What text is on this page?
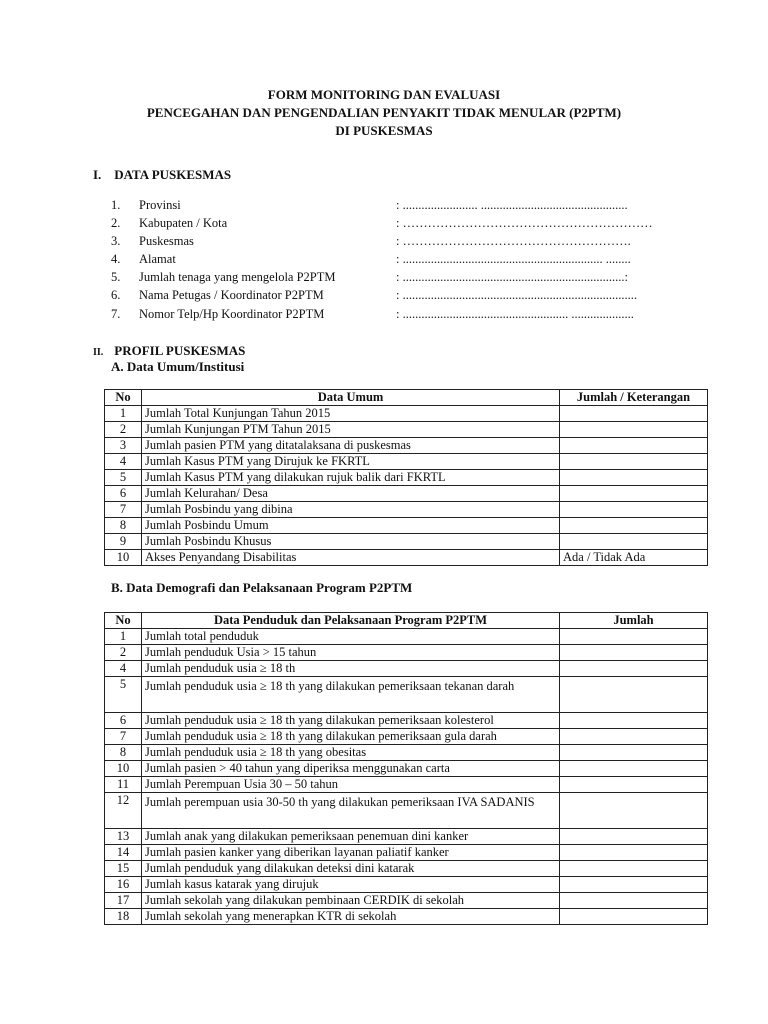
FORM MONITORING DAN EVALUASI
PENCEGAHAN DAN PENGENDALIAN PENYAKIT TIDAK MENULAR (P2PTM)
DI PUSKESMAS
I. DATA PUSKESMAS
1. Provinsi	: ........................ ...............................................
2. Kabupaten / Kota	: ……………………………………………………
3. Puskesmas	: ……………………………………………….
4. Alamat	: ................................................................ ........
5. Jumlah tenaga yang mengelola P2PTM	: .......................................................................:
6. Nama Petugas / Koordinator P2PTM	: ...........................................................................
7. Nomor Telp/Hp Koordinator P2PTM	: ..................................................... ....................
II. PROFIL PUSKESMAS
A. Data Umum/Institusi
No	Data Umum	Jumlah / Keterangan
1	Jumlah Total Kunjungan Tahun 2015	
2	Jumlah Kunjungan PTM Tahun 2015	
3	Jumlah pasien PTM yang ditatalaksana di puskesmas	
4	Jumlah Kasus PTM yang Dirujuk ke FKRTL	
5	Jumlah Kasus PTM yang dilakukan rujuk balik dari FKRTL	
6	Jumlah Kelurahan/ Desa	
7	Jumlah Posbindu yang dibina	
8	Jumlah Posbindu Umum	
9	Jumlah Posbindu Khusus	
10	Akses Penyandang Disabilitas	Ada / Tidak Ada
B. Data Demografi dan Pelaksanaan Program P2PTM
No	Data Penduduk dan Pelaksanaan Program P2PTM	Jumlah
1	Jumlah total penduduk	
2	Jumlah penduduk Usia > 15 tahun	
4	Jumlah penduduk usia ≥ 18 th	
5	Jumlah penduduk usia ≥ 18 th yang dilakukan pemeriksaan tekanan darah	
6	Jumlah penduduk usia ≥ 18 th yang dilakukan pemeriksaan kolesterol	
7	Jumlah penduduk usia ≥ 18 th yang dilakukan pemeriksaan gula darah	
8	Jumlah penduduk usia ≥ 18 th yang obesitas	
10	Jumlah pasien > 40 tahun yang diperiksa menggunakan carta	
11	Jumlah Perempuan Usia 30 – 50 tahun	
12	Jumlah perempuan usia 30-50 th yang dilakukan pemeriksaan IVA SADANIS	
13	Jumlah anak yang dilakukan pemeriksaan penemuan dini kanker	
14	Jumlah pasien kanker yang diberikan layanan paliatif kanker	
15	Jumlah penduduk yang dilakukan deteksi dini katarak	
16	Jumlah kasus katarak yang dirujuk	
17	Jumlah sekolah yang dilakukan pembinaan CERDIK di sekolah	
18	Jumlah sekolah yang menerapkan KTR di sekolah	
